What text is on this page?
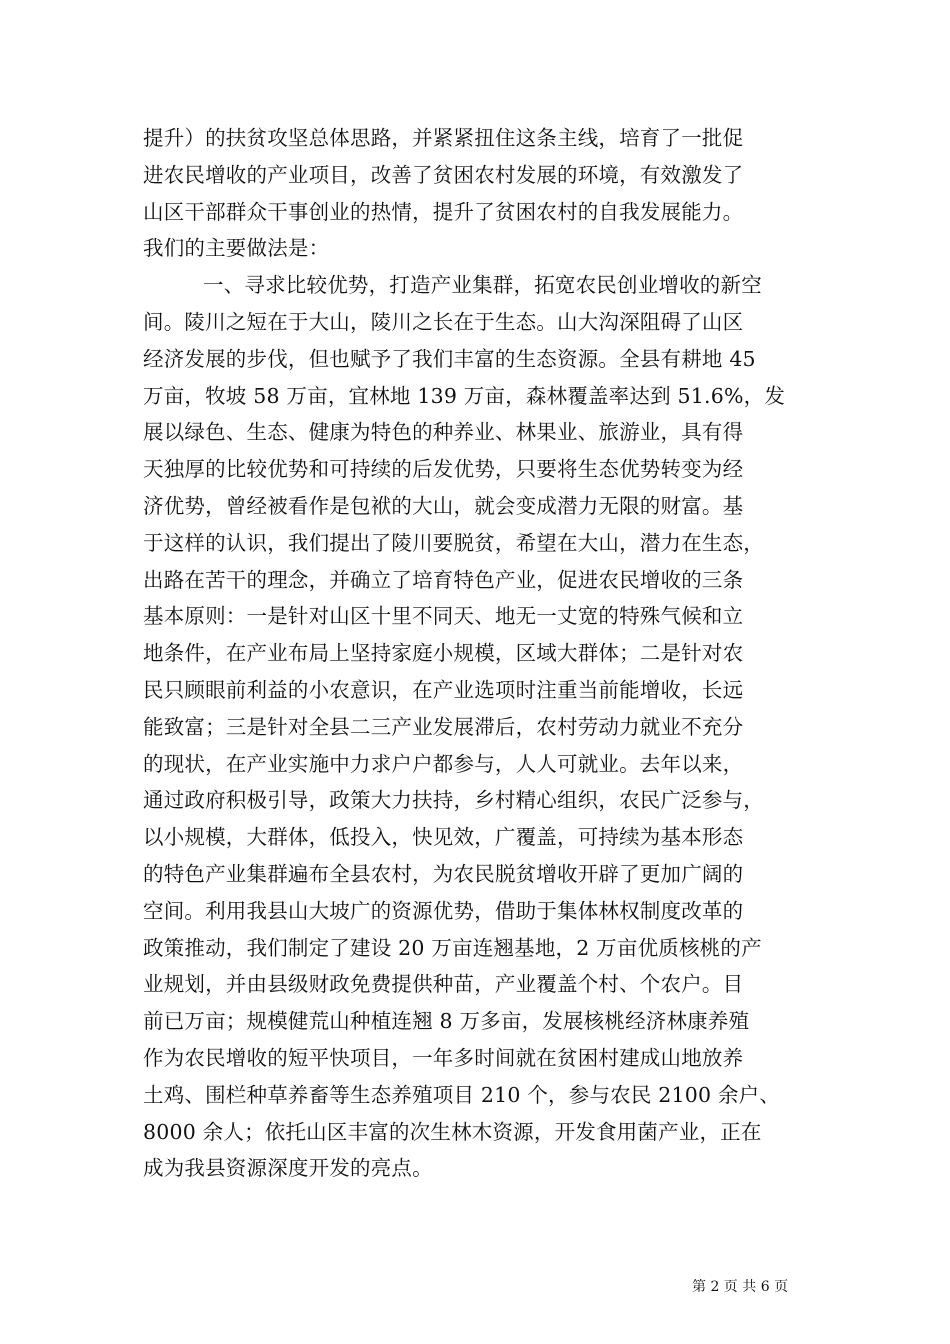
提升）的扶贫攻坚总体思路，并紧紧扭住这条主线，培育了一批促
进农民增收的产业项目，改善了贫困农村发展的环境，有效激发了
山区干部群众干事创业的热情，提升了贫困农村的自我发展能力。
我们的主要做法是：
一、寻求比较优势，打造产业集群，拓宽农民创业增收的新空
间。陵川之短在于大山，陵川之长在于生态。山大沟深阻碍了山区
经济发展的步伐，但也赋予了我们丰富的生态资源。全县有耕地 45
万亩，牧坡 58 万亩，宜林地 139 万亩，森林覆盖率达到 51.6%，发
展以绿色、生态、健康为特色的种养业、林果业、旅游业，具有得
天独厚的比较优势和可持续的后发优势，只要将生态优势转变为经
济优势，曾经被看作是包袱的大山，就会变成潜力无限的财富。基
于这样的认识，我们提出了陵川要脱贫，希望在大山，潜力在生态，
出路在苦干的理念，并确立了培育特色产业，促进农民增收的三条
基本原则：一是针对山区十里不同天、地无一丈宽的特殊气候和立
地条件，在产业布局上坚持家庭小规模，区域大群体；二是针对农
民只顾眼前利益的小农意识，在产业选项时注重当前能增收，长远
能致富；三是针对全县二三产业发展滞后，农村劳动力就业不充分
的现状，在产业实施中力求户户都参与，人人可就业。去年以来，
通过政府积极引导，政策大力扶持，乡村精心组织，农民广泛参与，
以小规模，大群体，低投入，快见效，广覆盖，可持续为基本形态
的特色产业集群遍布全县农村，为农民脱贫增收开辟了更加广阔的
空间。利用我县山大坡广的资源优势，借助于集体林权制度改革的
政策推动，我们制定了建设 20 万亩连翘基地，2 万亩优质核桃的产
业规划，并由县级财政免费提供种苗，产业覆盖个村、个农户。目
前已万亩；规模健荒山种植连翘 8 万多亩，发展核桃经济林康养殖
作为农民增收的短平快项目，一年多时间就在贫困村建成山地放养
土鸡、围栏种草养畜等生态养殖项目 210 个，参与农民 2100 余户、
8000 余人；依托山区丰富的次生林木资源，开发食用菌产业，正在
成为我县资源深度开发的亮点。
第 2 页 共 6 页
